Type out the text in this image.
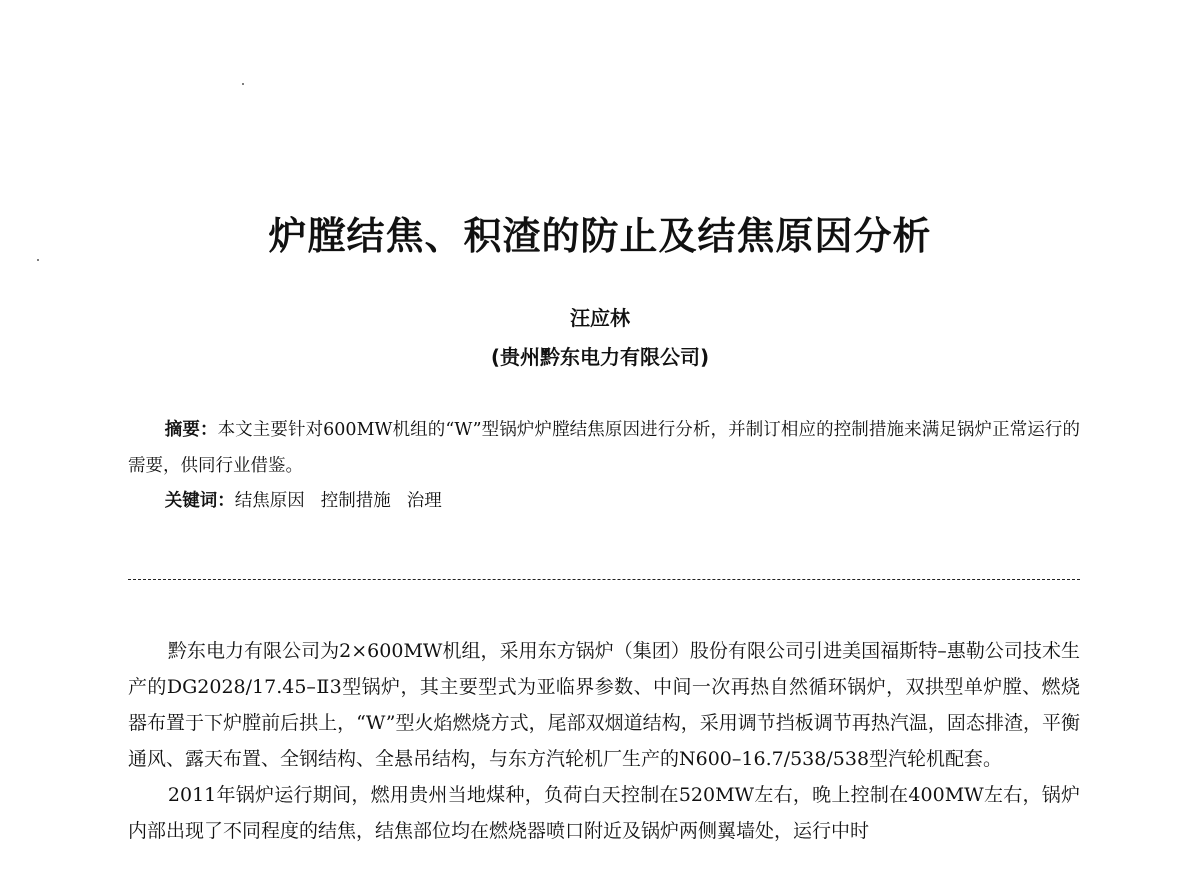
炉膛结焦、积渣的防止及结焦原因分析
汪应林
(贵州黔东电力有限公司)

摘要：本文主要针对600MW机组的“W”型锅炉炉膛结焦原因进行分析，并制订相应的控制措施来满足锅炉正常运行的需要，供同行业借鉴。

关键词：结焦原因 控制措施 治理

黔东电力有限公司为2×600MW机组，采用东方锅炉（集团）股份有限公司引进美国福斯特–惠勒公司技术生产的DG2028/17.45–Ⅱ3型锅炉，其主要型式为亚临界参数、中间一次再热自然循环锅炉，双拱型单炉膛、燃烧器布置于下炉膛前后拱上，“W”型火焰燃烧方式，尾部双烟道结构，采用调节挡板调节再热汽温，固态排渣，平衡通风、露天布置、全钢结构、全悬吊结构，与东方汽轮机厂生产的N600–16.7/538/538型汽轮机配套。

2011年锅炉运行期间，燃用贵州当地煤种，负荷白天控制在520MW左右，晚上控制在400MW左右，锅炉内部出现了不同程度的结焦，结焦部位均在燃烧器喷口附近及锅炉两侧翼墙处，运行中时
